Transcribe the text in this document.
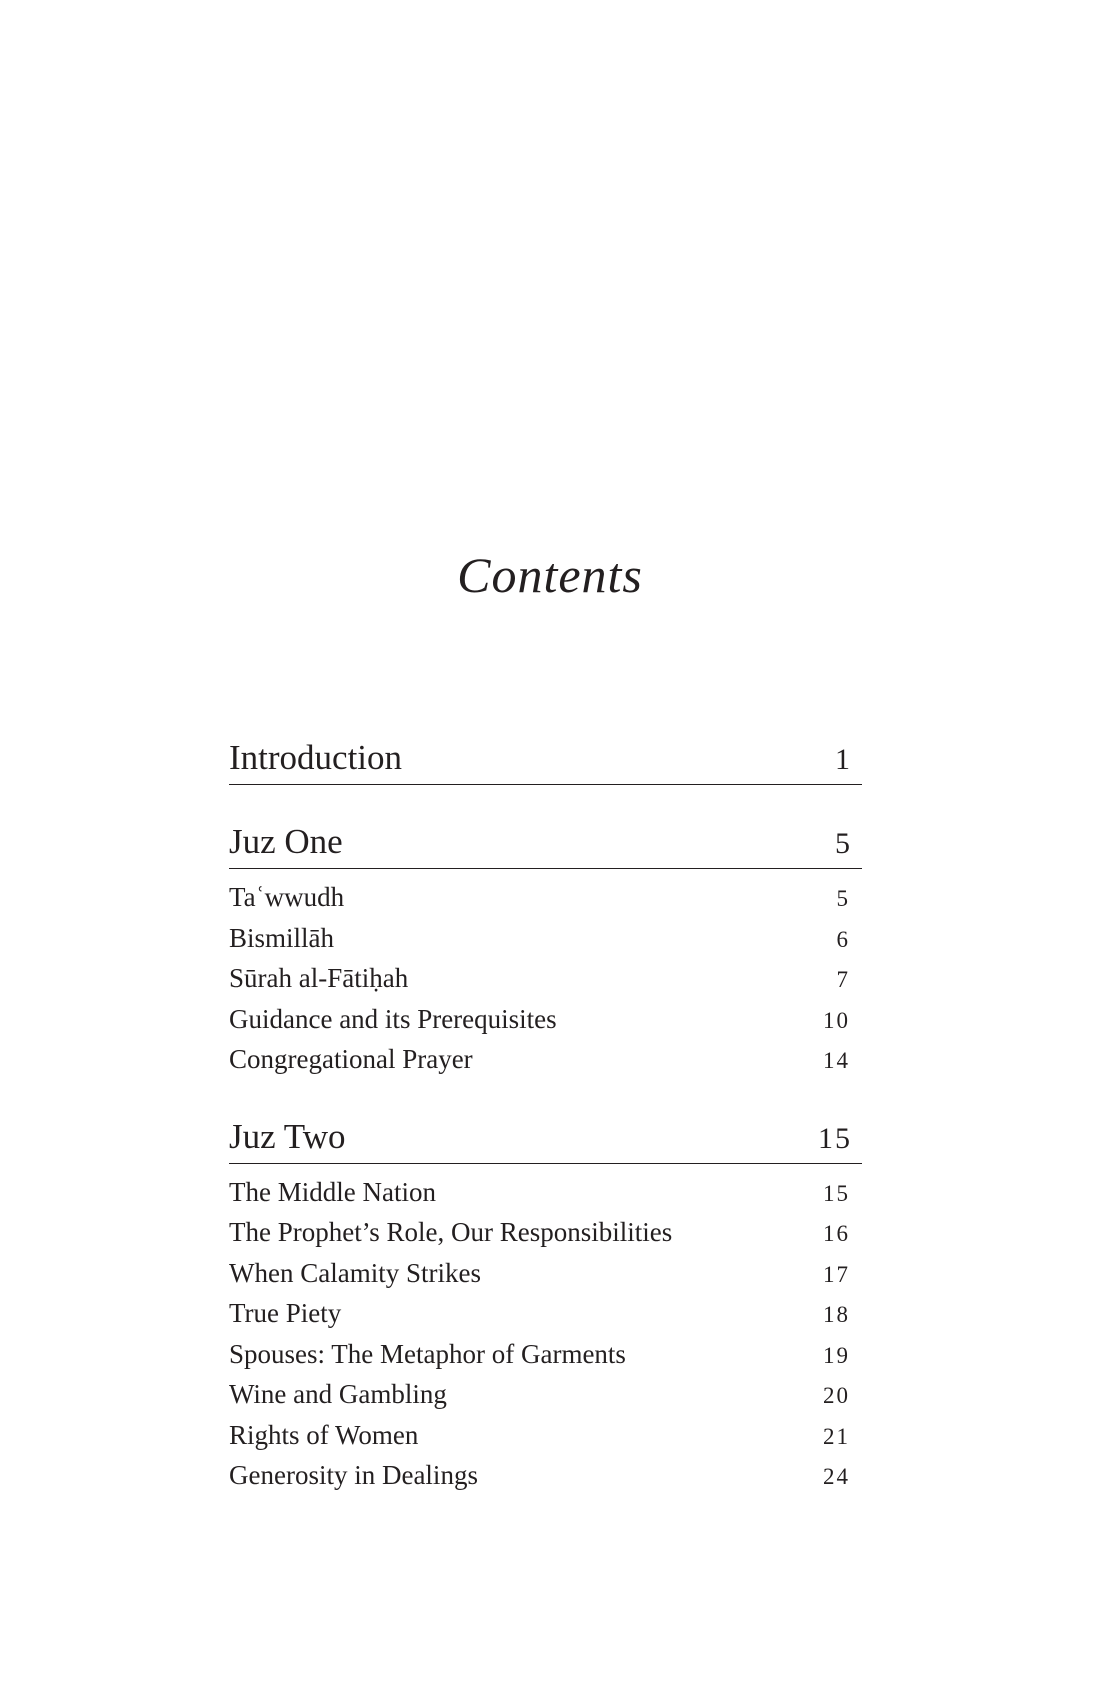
Contents
Introduction	1
Juz One	5
Taʿwwudh	5
Bismillāh	6
Sūrah al-Fātiḥah	7
Guidance and its Prerequisites	10
Congregational Prayer	14
Juz Two	15
The Middle Nation	15
The Prophet’s Role, Our Responsibilities	16
When Calamity Strikes	17
True Piety	18
Spouses: The Metaphor of Garments	19
Wine and Gambling	20
Rights of Women	21
Generosity in Dealings	24
